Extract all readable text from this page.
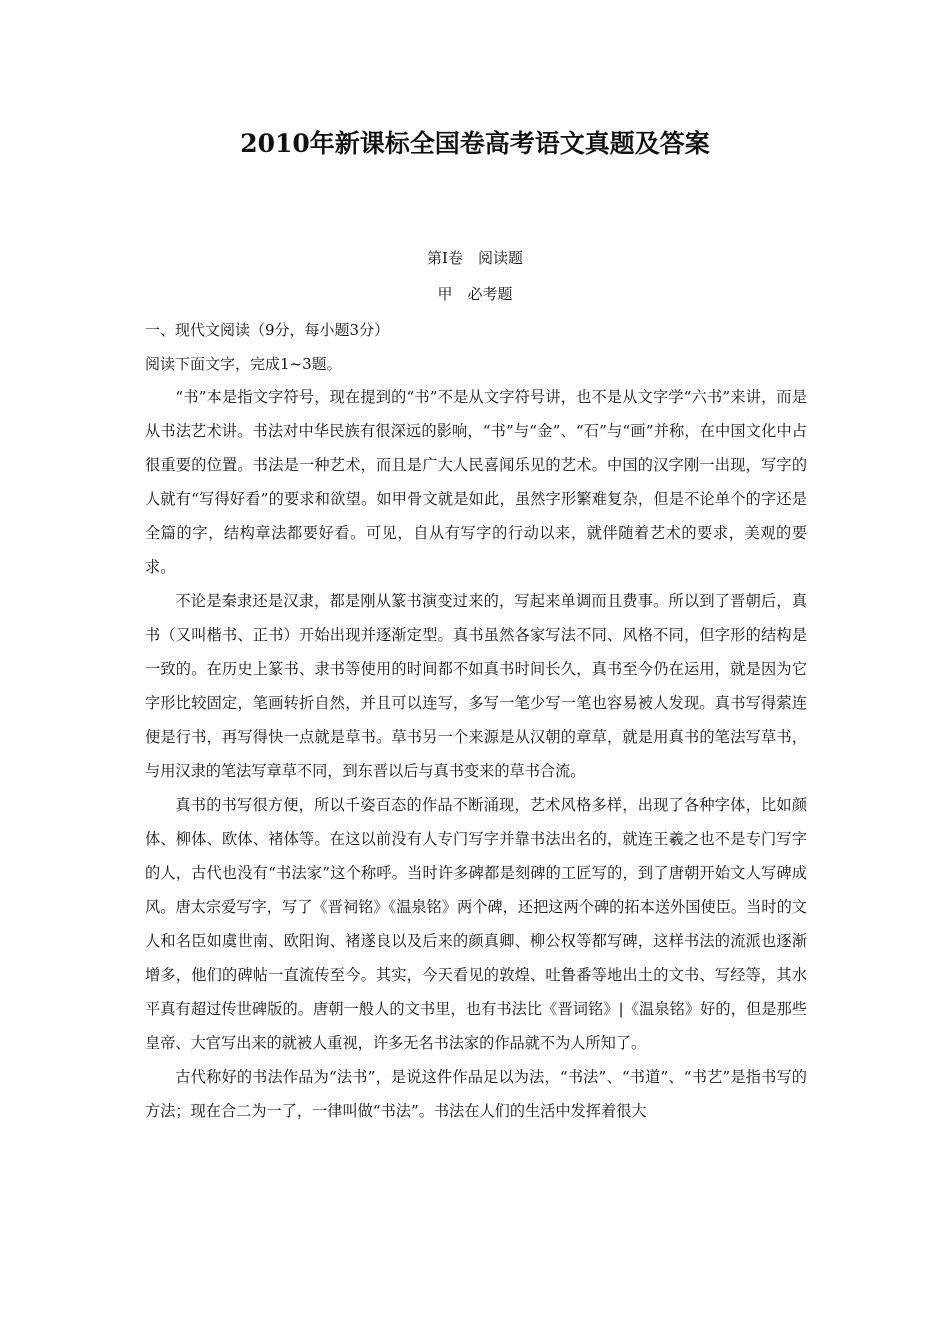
2010年新课标全国卷高考语文真题及答案
第I卷　阅读题
甲　必考题
一、现代文阅读（9分，每小题3分）
阅读下面文字，完成1~3题。

“书”本是指文字符号，现在提到的“书”不是从文字符号讲，也不是从文字学“六书”来讲，而是从书法艺术讲。书法对中华民族有很深远的影响，“书”与“金”、“石”与“画”并称，在中国文化中占很重要的位置。书法是一种艺术，而且是广大人民喜闻乐见的艺术。中国的汉字刚一出现，写字的人就有“写得好看”的要求和欲望。如甲骨文就是如此，虽然字形繁难复杂，但是不论单个的字还是全篇的字，结构章法都要好看。可见，自从有写字的行动以来，就伴随着艺术的要求，美观的要求。

不论是秦隶还是汉隶，都是刚从篆书演变过来的，写起来单调而且费事。所以到了晋朝后，真书（又叫楷书、正书）开始出现并逐渐定型。真书虽然各家写法不同、风格不同，但字形的结构是一致的。在历史上篆书、隶书等使用的时间都不如真书时间长久，真书至今仍在运用，就是因为它字形比较固定，笔画转折自然，并且可以连写，多写一笔少写一笔也容易被人发现。真书写得萦连便是行书，再写得快一点就是草书。草书另一个来源是从汉朝的章草，就是用真书的笔法写草书，与用汉隶的笔法写章草不同，到东晋以后与真书变来的草书合流。

真书的书写很方便，所以千姿百态的作品不断涌现，艺术风格多样，出现了各种字体，比如颜体、柳体、欧体、褚体等。在这以前没有人专门写字并靠书法出名的，就连王羲之也不是专门写字的人，古代也没有“书法家”这个称呼。当时许多碑都是刻碑的工匠写的，到了唐朝开始文人写碑成风。唐太宗爱写字，写了《晋祠铭》《温泉铭》两个碑，还把这两个碑的拓本送外国使臣。当时的文人和名臣如虞世南、欧阳询、褚遂良以及后来的颜真卿、柳公权等都写碑，这样书法的流派也逐渐增多，他们的碑帖一直流传至今。其实，今天看见的敦煌、吐鲁番等地出土的文书、写经等，其水平真有超过传世碑版的。唐朝一般人的文书里，也有书法比《晋词铭》|《温泉铭》好的，但是那些皇帝、大官写出来的就被人重视，许多无名书法家的作品就不为人所知了。

古代称好的书法作品为“法书”，是说这件作品足以为法，“书法”、“书道”、“书艺”是指书写的方法；现在合二为一了，一律叫做“书法”。书法在人们的生活中发挥着很大
